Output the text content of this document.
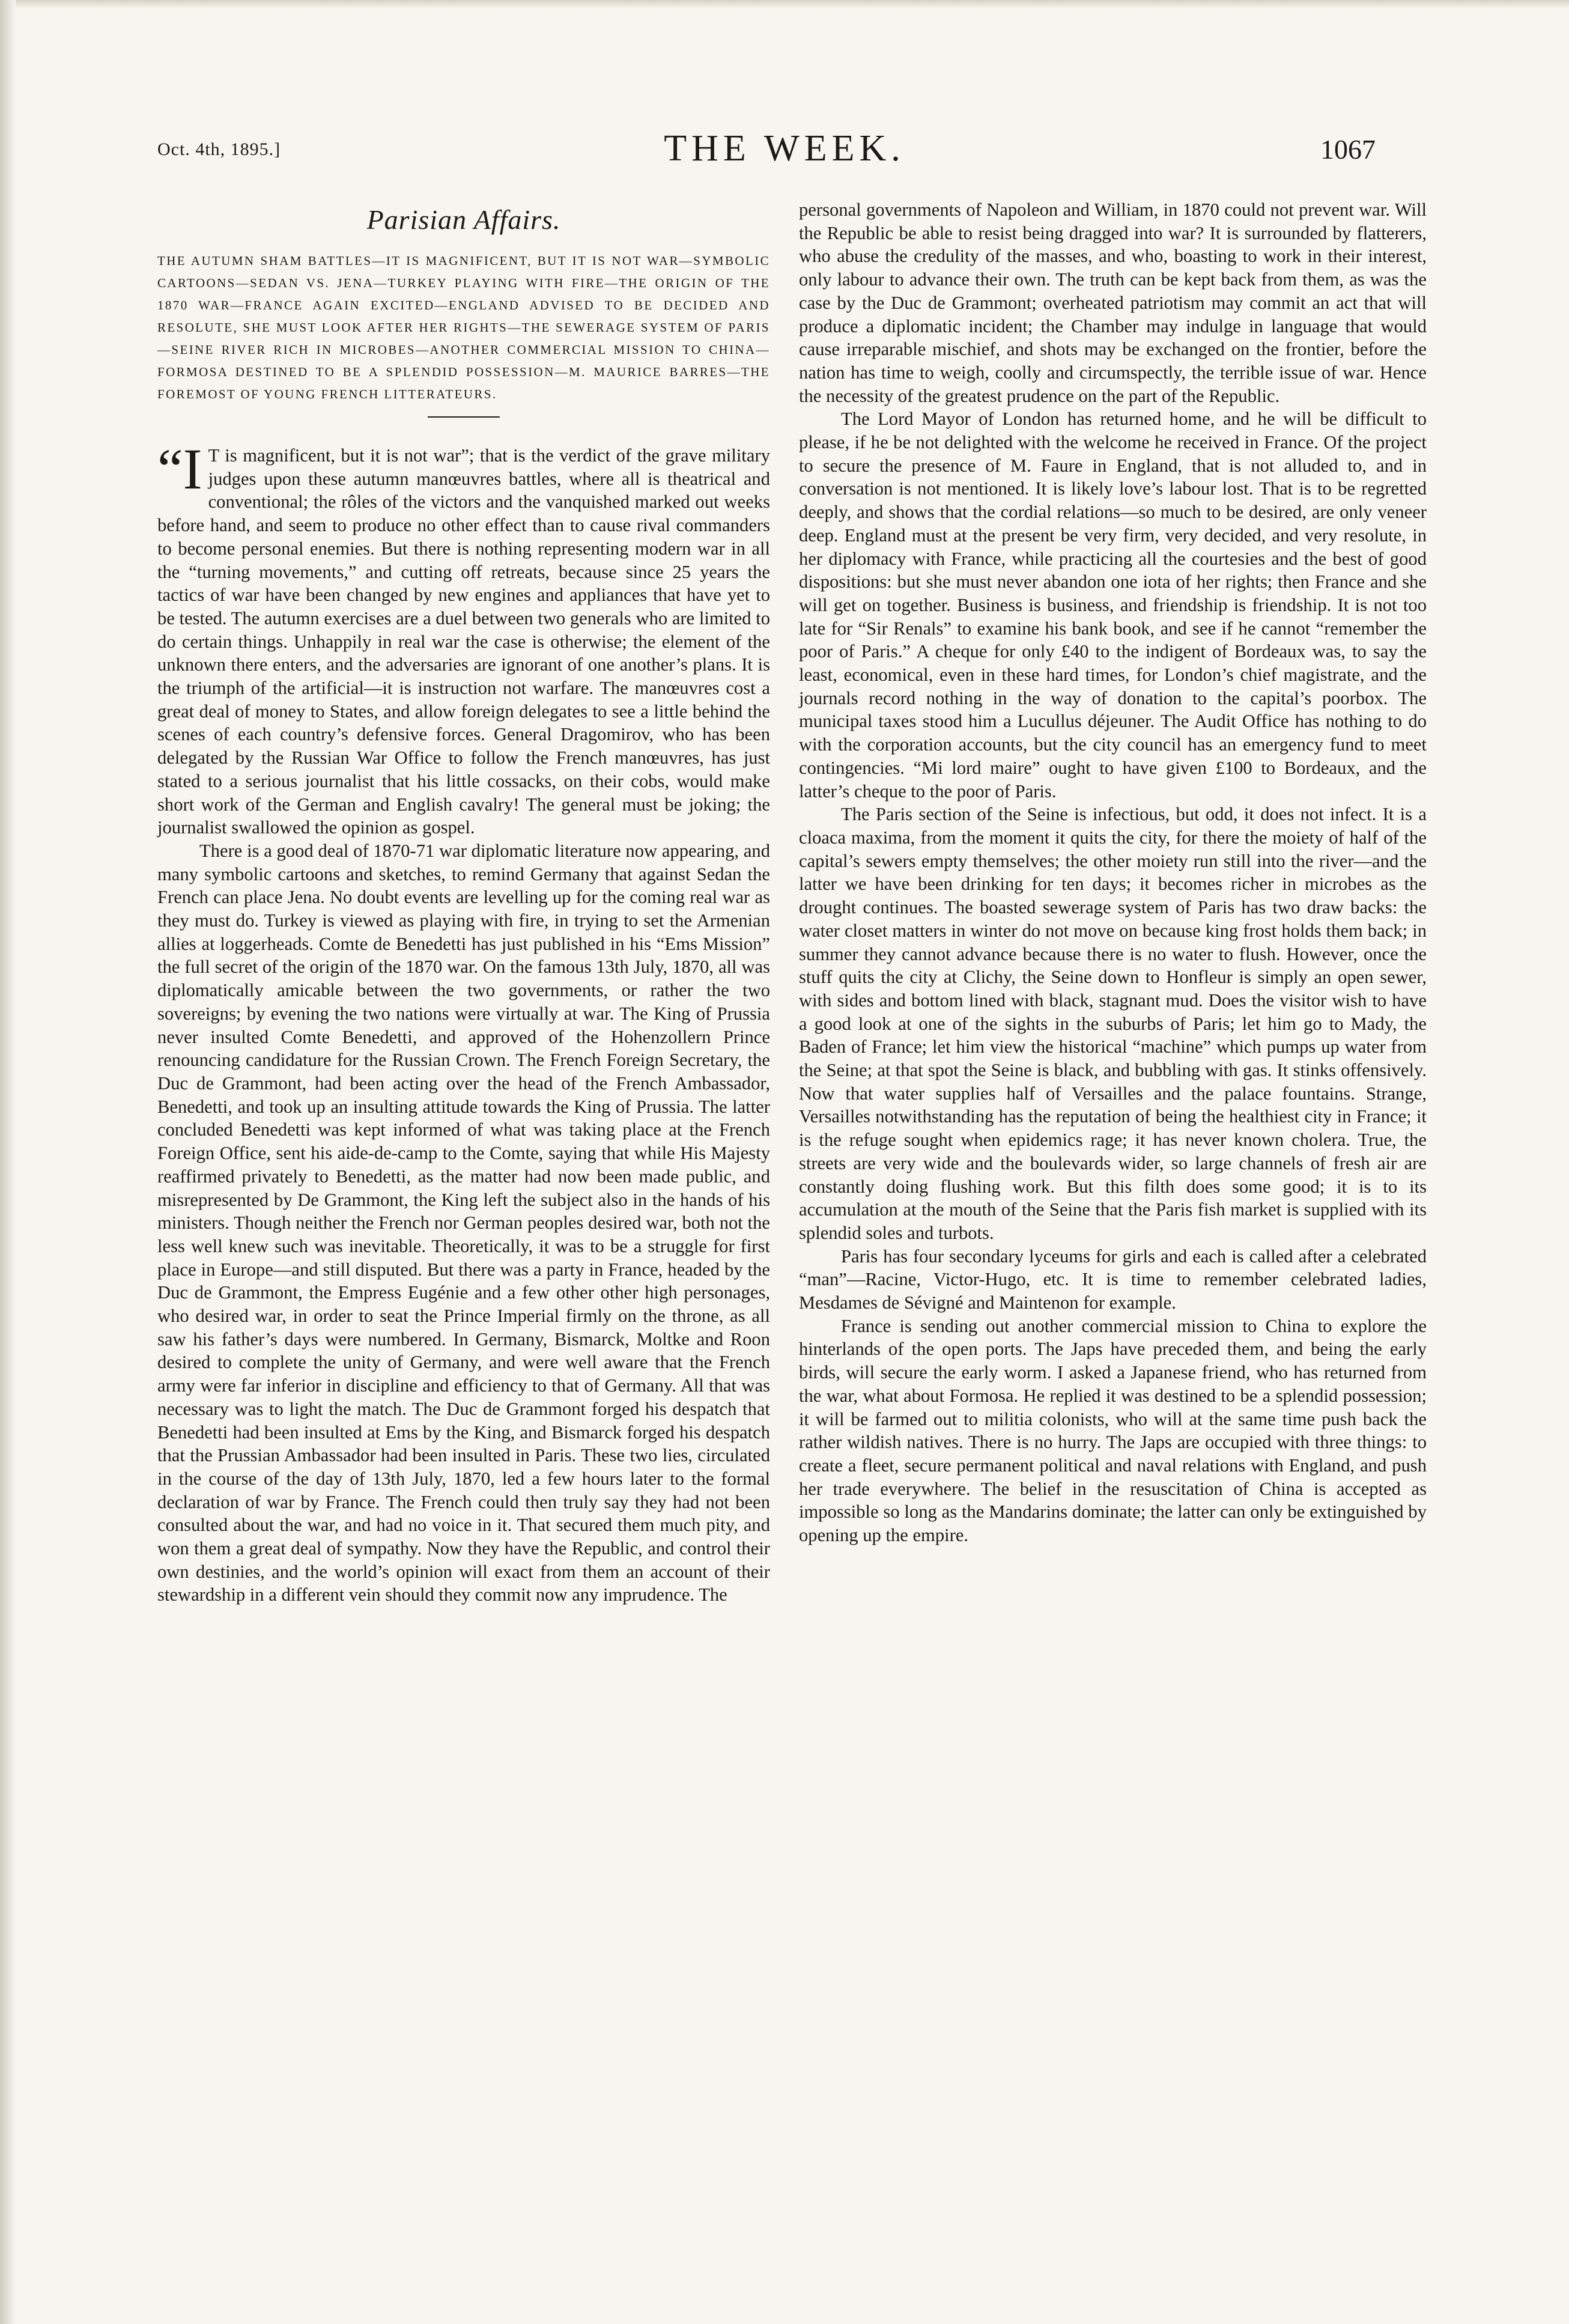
Oct. 4th, 1895.]	THE WEEK.	1067
Parisian Affairs.
THE AUTUMN SHAM BATTLES—IT IS MAGNIFICENT, BUT IT IS NOT WAR—SYMBOLIC CARTOONS—SEDAN VS. JENA—TURKEY PLAYING WITH FIRE—THE ORIGIN OF THE 1870 WAR—FRANCE AGAIN EXCITED—ENGLAND ADVISED TO BE DECIDED AND RESOLUTE, SHE MUST LOOK AFTER HER RIGHTS—THE SEWERAGE SYSTEM OF PARIS—SEINE RIVER RICH IN MICROBES—ANOTHER COMMERCIAL MISSION TO CHINA—FORMOSA DESTINED TO BE A SPLENDID POSSESSION—M. MAURICE BARRES—THE FOREMOST OF YOUNG FRENCH LITTERATEURS.

“I T is magnificent, but it is not war”; that is the verdict of the grave military judges upon these autumn manœuvres battles, where all is theatrical and conventional; the rôles of the victors and the vanquished marked out weeks before hand, and seem to produce no other effect than to cause rival commanders to become personal enemies. But there is nothing representing modern war in all the “turning movements,” and cutting off retreats, because since 25 years the tactics of war have been changed by new engines and appliances that have yet to be tested. The autumn exercises are a duel between two generals who are limited to do certain things. Unhappily in real war the case is otherwise; the element of the unknown there enters, and the adversaries are ignorant of one another’s plans. It is the triumph of the artificial—it is instruction not warfare. The manœuvres cost a great deal of money to States, and allow foreign delegates to see a little behind the scenes of each country’s defensive forces. General Dragomirov, who has been delegated by the Russian War Office to follow the French manœuvres, has just stated to a serious journalist that his little cossacks, on their cobs, would make short work of the German and English cavalry! The general must be joking; the journalist swallowed the opinion as gospel.

There is a good deal of 1870-71 war diplomatic literature now appearing, and many symbolic cartoons and sketches, to remind Germany that against Sedan the French can place Jena. No doubt events are levelling up for the coming real war as they must do. Turkey is viewed as playing with fire, in trying to set the Armenian allies at loggerheads. Comte de Benedetti has just published in his “Ems Mission” the full secret of the origin of the 1870 war. On the famous 13th July, 1870, all was diplomatically amicable between the two governments, or rather the two sovereigns; by evening the two nations were virtually at war. The King of Prussia never insulted Comte Benedetti, and approved of the Hohenzollern Prince renouncing candidature for the Russian Crown. The French Foreign Secretary, the Duc de Grammont, had been acting over the head of the French Ambassador, Benedetti, and took up an insulting attitude towards the King of Prussia. The latter concluded Benedetti was kept informed of what was taking place at the French Foreign Office, sent his aide-de-camp to the Comte, saying that while His Majesty reaffirmed privately to Benedetti, as the matter had now been made public, and misrepresented by De Grammont, the King left the subject also in the hands of his ministers. Though neither the French nor German peoples desired war, both not the less well knew such was inevitable. Theoretically, it was to be a struggle for first place in Europe—and still disputed. But there was a party in France, headed by the Duc de Grammont, the Empress Eugénie and a few other other high personages, who desired war, in order to seat the Prince Imperial firmly on the throne, as all saw his father’s days were numbered. In Germany, Bismarck, Moltke and Roon desired to complete the unity of Germany, and were well aware that the French army were far inferior in discipline and efficiency to that of Germany. All that was necessary was to light the match. The Duc de Grammont forged his despatch that Benedetti had been insulted at Ems by the King, and Bismarck forged his despatch that the Prussian Ambassador had been insulted in Paris. These two lies, circulated in the course of the day of 13th July, 1870, led a few hours later to the formal declaration of war by France. The French could then truly say they had not been consulted about the war, and had no voice in it. That secured them much pity, and won them a great deal of sympathy. Now they have the Republic, and control their own destinies, and the world’s opinion will exact from them an account of their stewardship in a different vein should they commit now any imprudence. The

personal governments of Napoleon and William, in 1870 could not prevent war. Will the Republic be able to resist being dragged into war? It is surrounded by flatterers, who abuse the credulity of the masses, and who, boasting to work in their interest, only labour to advance their own. The truth can be kept back from them, as was the case by the Duc de Grammont; overheated patriotism may commit an act that will produce a diplomatic incident; the Chamber may indulge in language that would cause irreparable mischief, and shots may be exchanged on the frontier, before the nation has time to weigh, coolly and circumspectly, the terrible issue of war. Hence the necessity of the greatest prudence on the part of the Republic.

The Lord Mayor of London has returned home, and he will be difficult to please, if he be not delighted with the welcome he received in France. Of the project to secure the presence of M. Faure in England, that is not alluded to, and in conversation is not mentioned. It is likely love’s labour lost. That is to be regretted deeply, and shows that the cordial relations—so much to be desired, are only veneer deep. England must at the present be very firm, very decided, and very resolute, in her diplomacy with France, while practicing all the courtesies and the best of good dispositions: but she must never abandon one iota of her rights; then France and she will get on together. Business is business, and friendship is friendship. It is not too late for “Sir Renals” to examine his bank book, and see if he cannot “remember the poor of Paris.” A cheque for only £40 to the indigent of Bordeaux was, to say the least, economical, even in these hard times, for London’s chief magistrate, and the journals record nothing in the way of donation to the capital’s poorbox. The municipal taxes stood him a Lucullus déjeuner. The Audit Office has nothing to do with the corporation accounts, but the city council has an emergency fund to meet contingencies. “Mi lord maire” ought to have given £100 to Bordeaux, and the latter’s cheque to the poor of Paris.

The Paris section of the Seine is infectious, but odd, it does not infect. It is a cloaca maxima, from the moment it quits the city, for there the moiety of half of the capital’s sewers empty themselves; the other moiety run still into the river—and the latter we have been drinking for ten days; it becomes richer in microbes as the drought continues. The boasted sewerage system of Paris has two draw backs: the water closet matters in winter do not move on because king frost holds them back; in summer they cannot advance because there is no water to flush. However, once the stuff quits the city at Clichy, the Seine down to Honfleur is simply an open sewer, with sides and bottom lined with black, stagnant mud. Does the visitor wish to have a good look at one of the sights in the suburbs of Paris; let him go to Mady, the Baden of France; let him view the historical “machine” which pumps up water from the Seine; at that spot the Seine is black, and bubbling with gas. It stinks offensively. Now that water supplies half of Versailles and the palace fountains. Strange, Versailles notwithstanding has the reputation of being the healthiest city in France; it is the refuge sought when epidemics rage; it has never known cholera. True, the streets are very wide and the boulevards wider, so large channels of fresh air are constantly doing flushing work. But this filth does some good; it is to its accumulation at the mouth of the Seine that the Paris fish market is supplied with its splendid soles and turbots.

Paris has four secondary lyceums for girls and each is called after a celebrated “man”—Racine, Victor-Hugo, etc. It is time to remember celebrated ladies, Mesdames de Sévigné and Maintenon for example.

France is sending out another commercial mission to China to explore the hinterlands of the open ports. The Japs have preceded them, and being the early birds, will secure the early worm. I asked a Japanese friend, who has returned from the war, what about Formosa. He replied it was destined to be a splendid possession; it will be farmed out to militia colonists, who will at the same time push back the rather wildish natives. There is no hurry. The Japs are occupied with three things: to create a fleet, secure permanent political and naval relations with England, and push her trade everywhere. The belief in the resuscitation of China is accepted as impossible so long as the Mandarins dominate; the latter can only be extinguished by opening up the empire.
